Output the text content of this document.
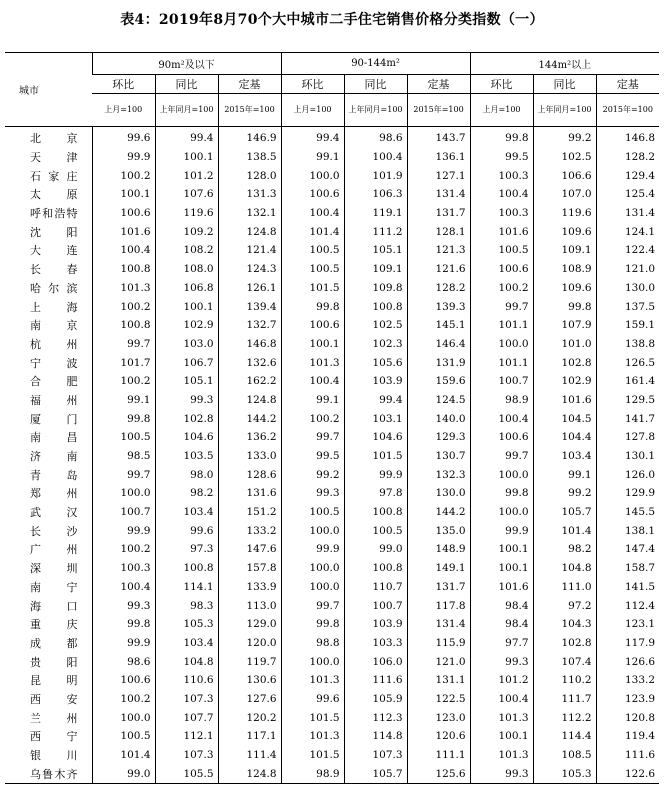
表4：2019年8月70个大中城市二手住宅销售价格分类指数（一）
城市	90m²及以下			90-144m²			144m²以上		
	环比	同比	定基	环比	同比	定基	环比	同比	定基
	上月=100	上年同月=100	2015年=100	上月=100	上年同月=100	2015年=100	上月=100	上年同月=100	2015年=100
北京	99.6	99.4	146.9	99.4	98.6	143.7	99.8	99.2	146.8
天津	99.9	100.1	138.5	99.1	100.4	136.1	99.5	102.5	128.2
石家庄	100.2	101.2	128.0	100.0	101.9	127.1	100.3	106.6	129.4
太原	100.1	107.6	131.3	100.6	106.3	131.4	100.4	107.0	125.4
呼和浩特	100.6	119.6	132.1	100.4	119.1	131.7	100.3	119.6	131.4
沈阳	101.6	109.2	124.8	101.4	111.2	128.1	101.6	109.6	124.1
大连	100.4	108.2	121.4	100.5	105.1	121.3	100.5	109.1	122.4
长春	100.8	108.0	124.3	100.5	109.1	121.6	100.6	108.9	121.0
哈尔滨	101.3	106.8	126.1	101.5	109.8	128.2	100.2	109.6	130.0
上海	100.2	100.1	139.4	99.8	100.8	139.3	99.7	99.8	137.5
南京	100.8	102.9	132.7	100.6	102.5	145.1	101.1	107.9	159.1
杭州	99.7	103.0	146.8	100.1	102.3	146.4	100.0	101.0	138.8
宁波	101.7	106.7	132.6	101.3	105.6	131.9	101.1	102.8	126.5
合肥	100.2	105.1	162.2	100.4	103.9	159.6	100.7	102.9	161.4
福州	99.1	99.3	124.8	99.1	99.4	124.5	98.9	101.6	129.5
厦门	99.8	102.8	144.2	100.2	103.1	140.0	100.4	104.5	141.7
南昌	100.5	104.6	136.2	99.7	104.6	129.3	100.6	104.4	127.8
济南	98.5	103.5	133.0	99.5	101.5	130.7	99.7	103.4	130.1
青岛	99.7	98.0	128.6	99.2	99.9	132.3	100.0	99.1	126.0
郑州	100.0	98.2	131.6	99.3	97.8	130.0	99.8	99.2	129.9
武汉	100.7	103.4	151.2	100.5	100.8	144.2	100.0	105.7	145.5
长沙	99.9	99.6	133.2	100.0	100.5	135.0	99.9	101.4	138.1
广州	100.2	97.3	147.6	99.9	99.0	148.9	100.1	98.2	147.4
深圳	100.3	100.8	157.8	100.0	100.8	149.1	100.1	104.8	158.7
南宁	100.4	114.1	133.9	100.0	110.7	131.7	101.6	111.0	141.5
海口	99.3	98.3	113.0	99.7	100.7	117.8	98.4	97.2	112.4
重庆	99.8	105.3	129.0	99.8	103.9	131.4	98.4	104.3	123.1
成都	99.9	103.4	120.0	98.8	103.3	115.9	97.7	102.8	117.9
贵阳	98.6	104.8	119.7	100.0	106.0	121.0	99.3	107.4	126.6
昆明	100.6	110.6	130.6	101.3	111.6	131.1	101.2	110.2	133.2
西安	100.2	107.3	127.6	99.6	105.9	122.5	100.4	111.7	123.9
兰州	100.0	107.7	120.2	101.5	112.3	123.0	101.3	112.2	120.8
西宁	100.5	112.1	117.1	101.3	114.8	120.6	100.1	114.4	119.4
银川	101.4	107.3	111.4	101.5	107.3	111.1	101.3	108.5	111.6
乌鲁木齐	99.0	105.5	124.8	98.9	105.7	125.6	99.3	105.3	122.6
